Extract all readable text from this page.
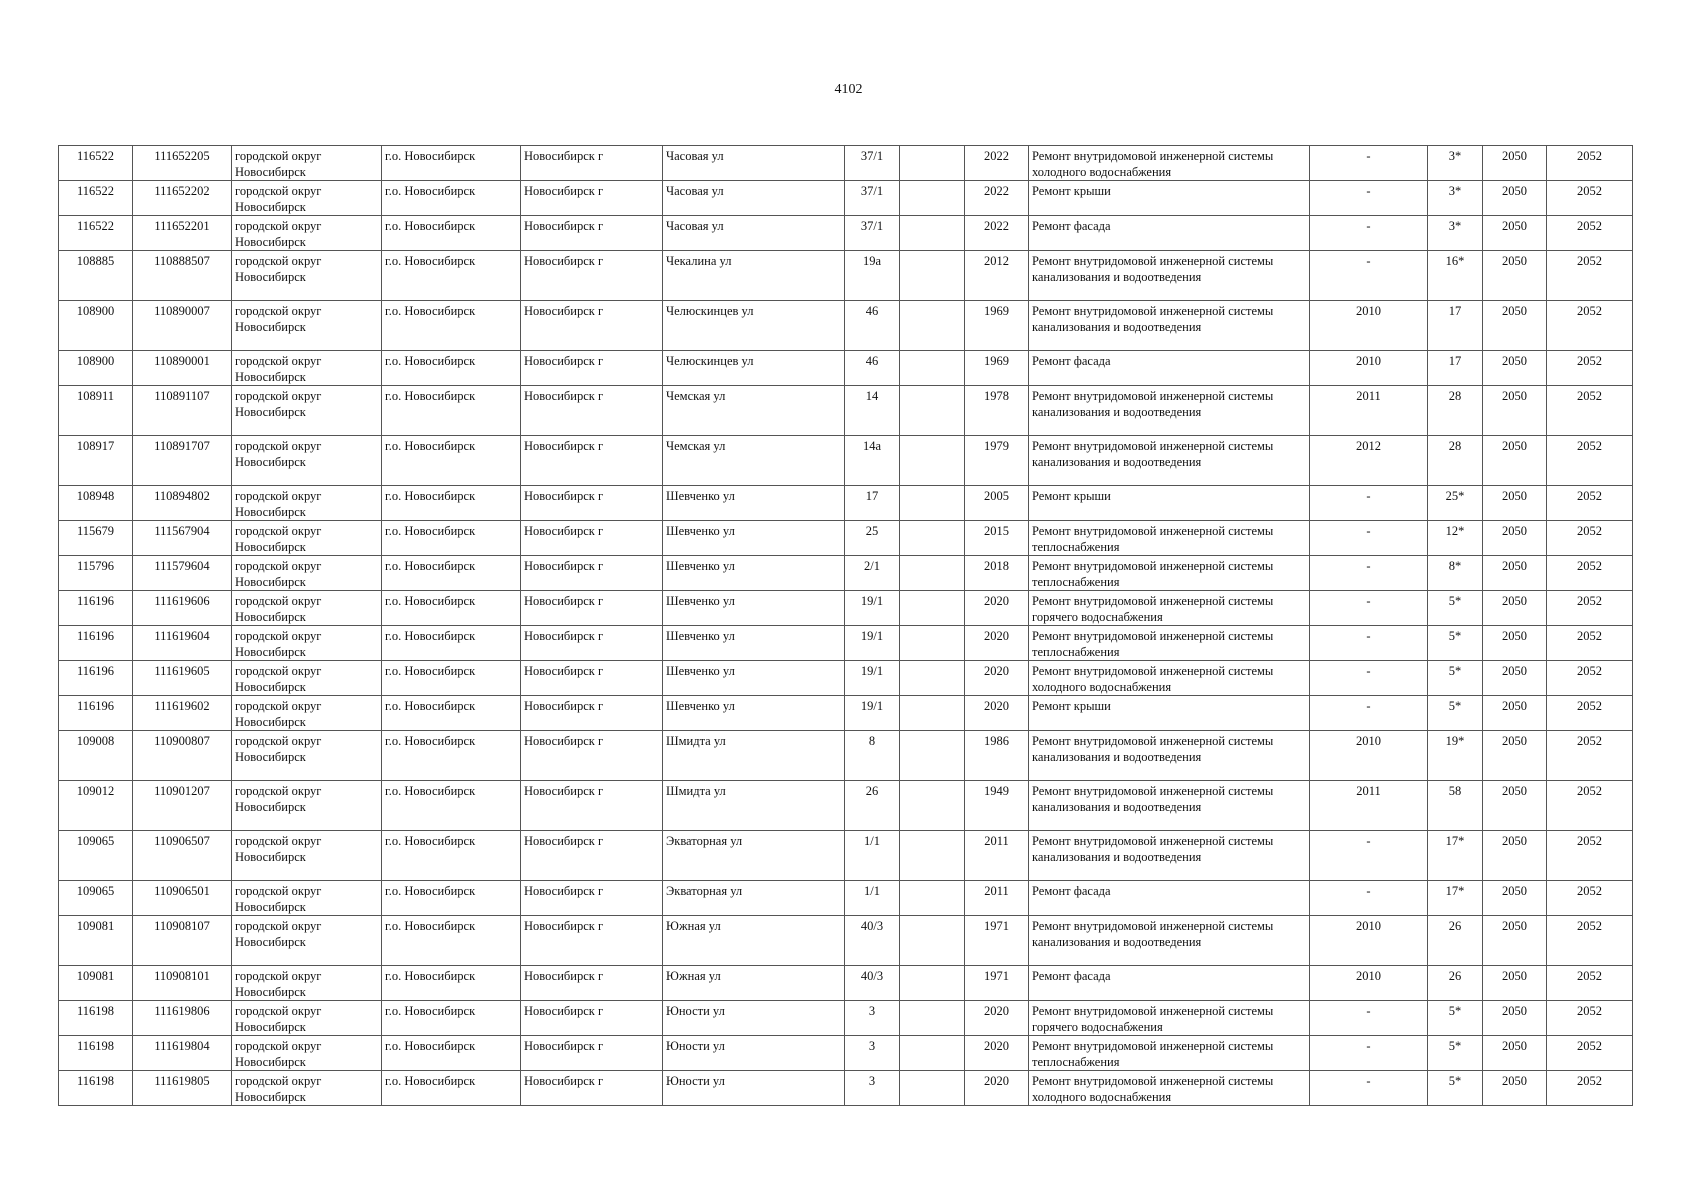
4102
116522	111652205	городской округ Новосибирск	г.о. Новосибирск	Новосибирск г	Часовая ул	37/1		2022	Ремонт внутридомовой инженерной системы холодного водоснабжения	-	3*	2050	2052
116522	111652202	городской округ Новосибирск	г.о. Новосибирск	Новосибирск г	Часовая ул	37/1		2022	Ремонт крыши	-	3*	2050	2052
116522	111652201	городской округ Новосибирск	г.о. Новосибирск	Новосибирск г	Часовая ул	37/1		2022	Ремонт фасада	-	3*	2050	2052
108885	110888507	городской округ Новосибирск	г.о. Новосибирск	Новосибирск г	Чекалина ул	19а		2012	Ремонт внутридомовой инженерной системы канализования и водоотведения	-	16*	2050	2052
108900	110890007	городской округ Новосибирск	г.о. Новосибирск	Новосибирск г	Челюскинцев ул	46		1969	Ремонт внутридомовой инженерной системы канализования и водоотведения	2010	17	2050	2052
108900	110890001	городской округ Новосибирск	г.о. Новосибирск	Новосибирск г	Челюскинцев ул	46		1969	Ремонт фасада	2010	17	2050	2052
108911	110891107	городской округ Новосибирск	г.о. Новосибирск	Новосибирск г	Чемская ул	14		1978	Ремонт внутридомовой инженерной системы канализования и водоотведения	2011	28	2050	2052
108917	110891707	городской округ Новосибирск	г.о. Новосибирск	Новосибирск г	Чемская ул	14а		1979	Ремонт внутридомовой инженерной системы канализования и водоотведения	2012	28	2050	2052
108948	110894802	городской округ Новосибирск	г.о. Новосибирск	Новосибирск г	Шевченко ул	17		2005	Ремонт крыши	-	25*	2050	2052
115679	111567904	городской округ Новосибирск	г.о. Новосибирск	Новосибирск г	Шевченко ул	25		2015	Ремонт внутридомовой инженерной системы теплоснабжения	-	12*	2050	2052
115796	111579604	городской округ Новосибирск	г.о. Новосибирск	Новосибирск г	Шевченко ул	2/1		2018	Ремонт внутридомовой инженерной системы теплоснабжения	-	8*	2050	2052
116196	111619606	городской округ Новосибирск	г.о. Новосибирск	Новосибирск г	Шевченко ул	19/1		2020	Ремонт внутридомовой инженерной системы горячего водоснабжения	-	5*	2050	2052
116196	111619604	городской округ Новосибирск	г.о. Новосибирск	Новосибирск г	Шевченко ул	19/1		2020	Ремонт внутридомовой инженерной системы теплоснабжения	-	5*	2050	2052
116196	111619605	городской округ Новосибирск	г.о. Новосибирск	Новосибирск г	Шевченко ул	19/1		2020	Ремонт внутридомовой инженерной системы холодного водоснабжения	-	5*	2050	2052
116196	111619602	городской округ Новосибирск	г.о. Новосибирск	Новосибирск г	Шевченко ул	19/1		2020	Ремонт крыши	-	5*	2050	2052
109008	110900807	городской округ Новосибирск	г.о. Новосибирск	Новосибирск г	Шмидта ул	8		1986	Ремонт внутридомовой инженерной системы канализования и водоотведения	2010	19*	2050	2052
109012	110901207	городской округ Новосибирск	г.о. Новосибирск	Новосибирск г	Шмидта ул	26		1949	Ремонт внутридомовой инженерной системы канализования и водоотведения	2011	58	2050	2052
109065	110906507	городской округ Новосибирск	г.о. Новосибирск	Новосибирск г	Экваторная ул	1/1		2011	Ремонт внутридомовой инженерной системы канализования и водоотведения	-	17*	2050	2052
109065	110906501	городской округ Новосибирск	г.о. Новосибирск	Новосибирск г	Экваторная ул	1/1		2011	Ремонт фасада	-	17*	2050	2052
109081	110908107	городской округ Новосибирск	г.о. Новосибирск	Новосибирск г	Южная ул	40/3		1971	Ремонт внутридомовой инженерной системы канализования и водоотведения	2010	26	2050	2052
109081	110908101	городской округ Новосибирск	г.о. Новосибирск	Новосибирск г	Южная ул	40/3		1971	Ремонт фасада	2010	26	2050	2052
116198	111619806	городской округ Новосибирск	г.о. Новосибирск	Новосибирск г	Юности ул	3		2020	Ремонт внутридомовой инженерной системы горячего водоснабжения	-	5*	2050	2052
116198	111619804	городской округ Новосибирск	г.о. Новосибирск	Новосибирск г	Юности ул	3		2020	Ремонт внутридомовой инженерной системы теплоснабжения	-	5*	2050	2052
116198	111619805	городской округ Новосибирск	г.о. Новосибирск	Новосибирск г	Юности ул	3		2020	Ремонт внутридомовой инженерной системы холодного водоснабжения	-	5*	2050	2052
